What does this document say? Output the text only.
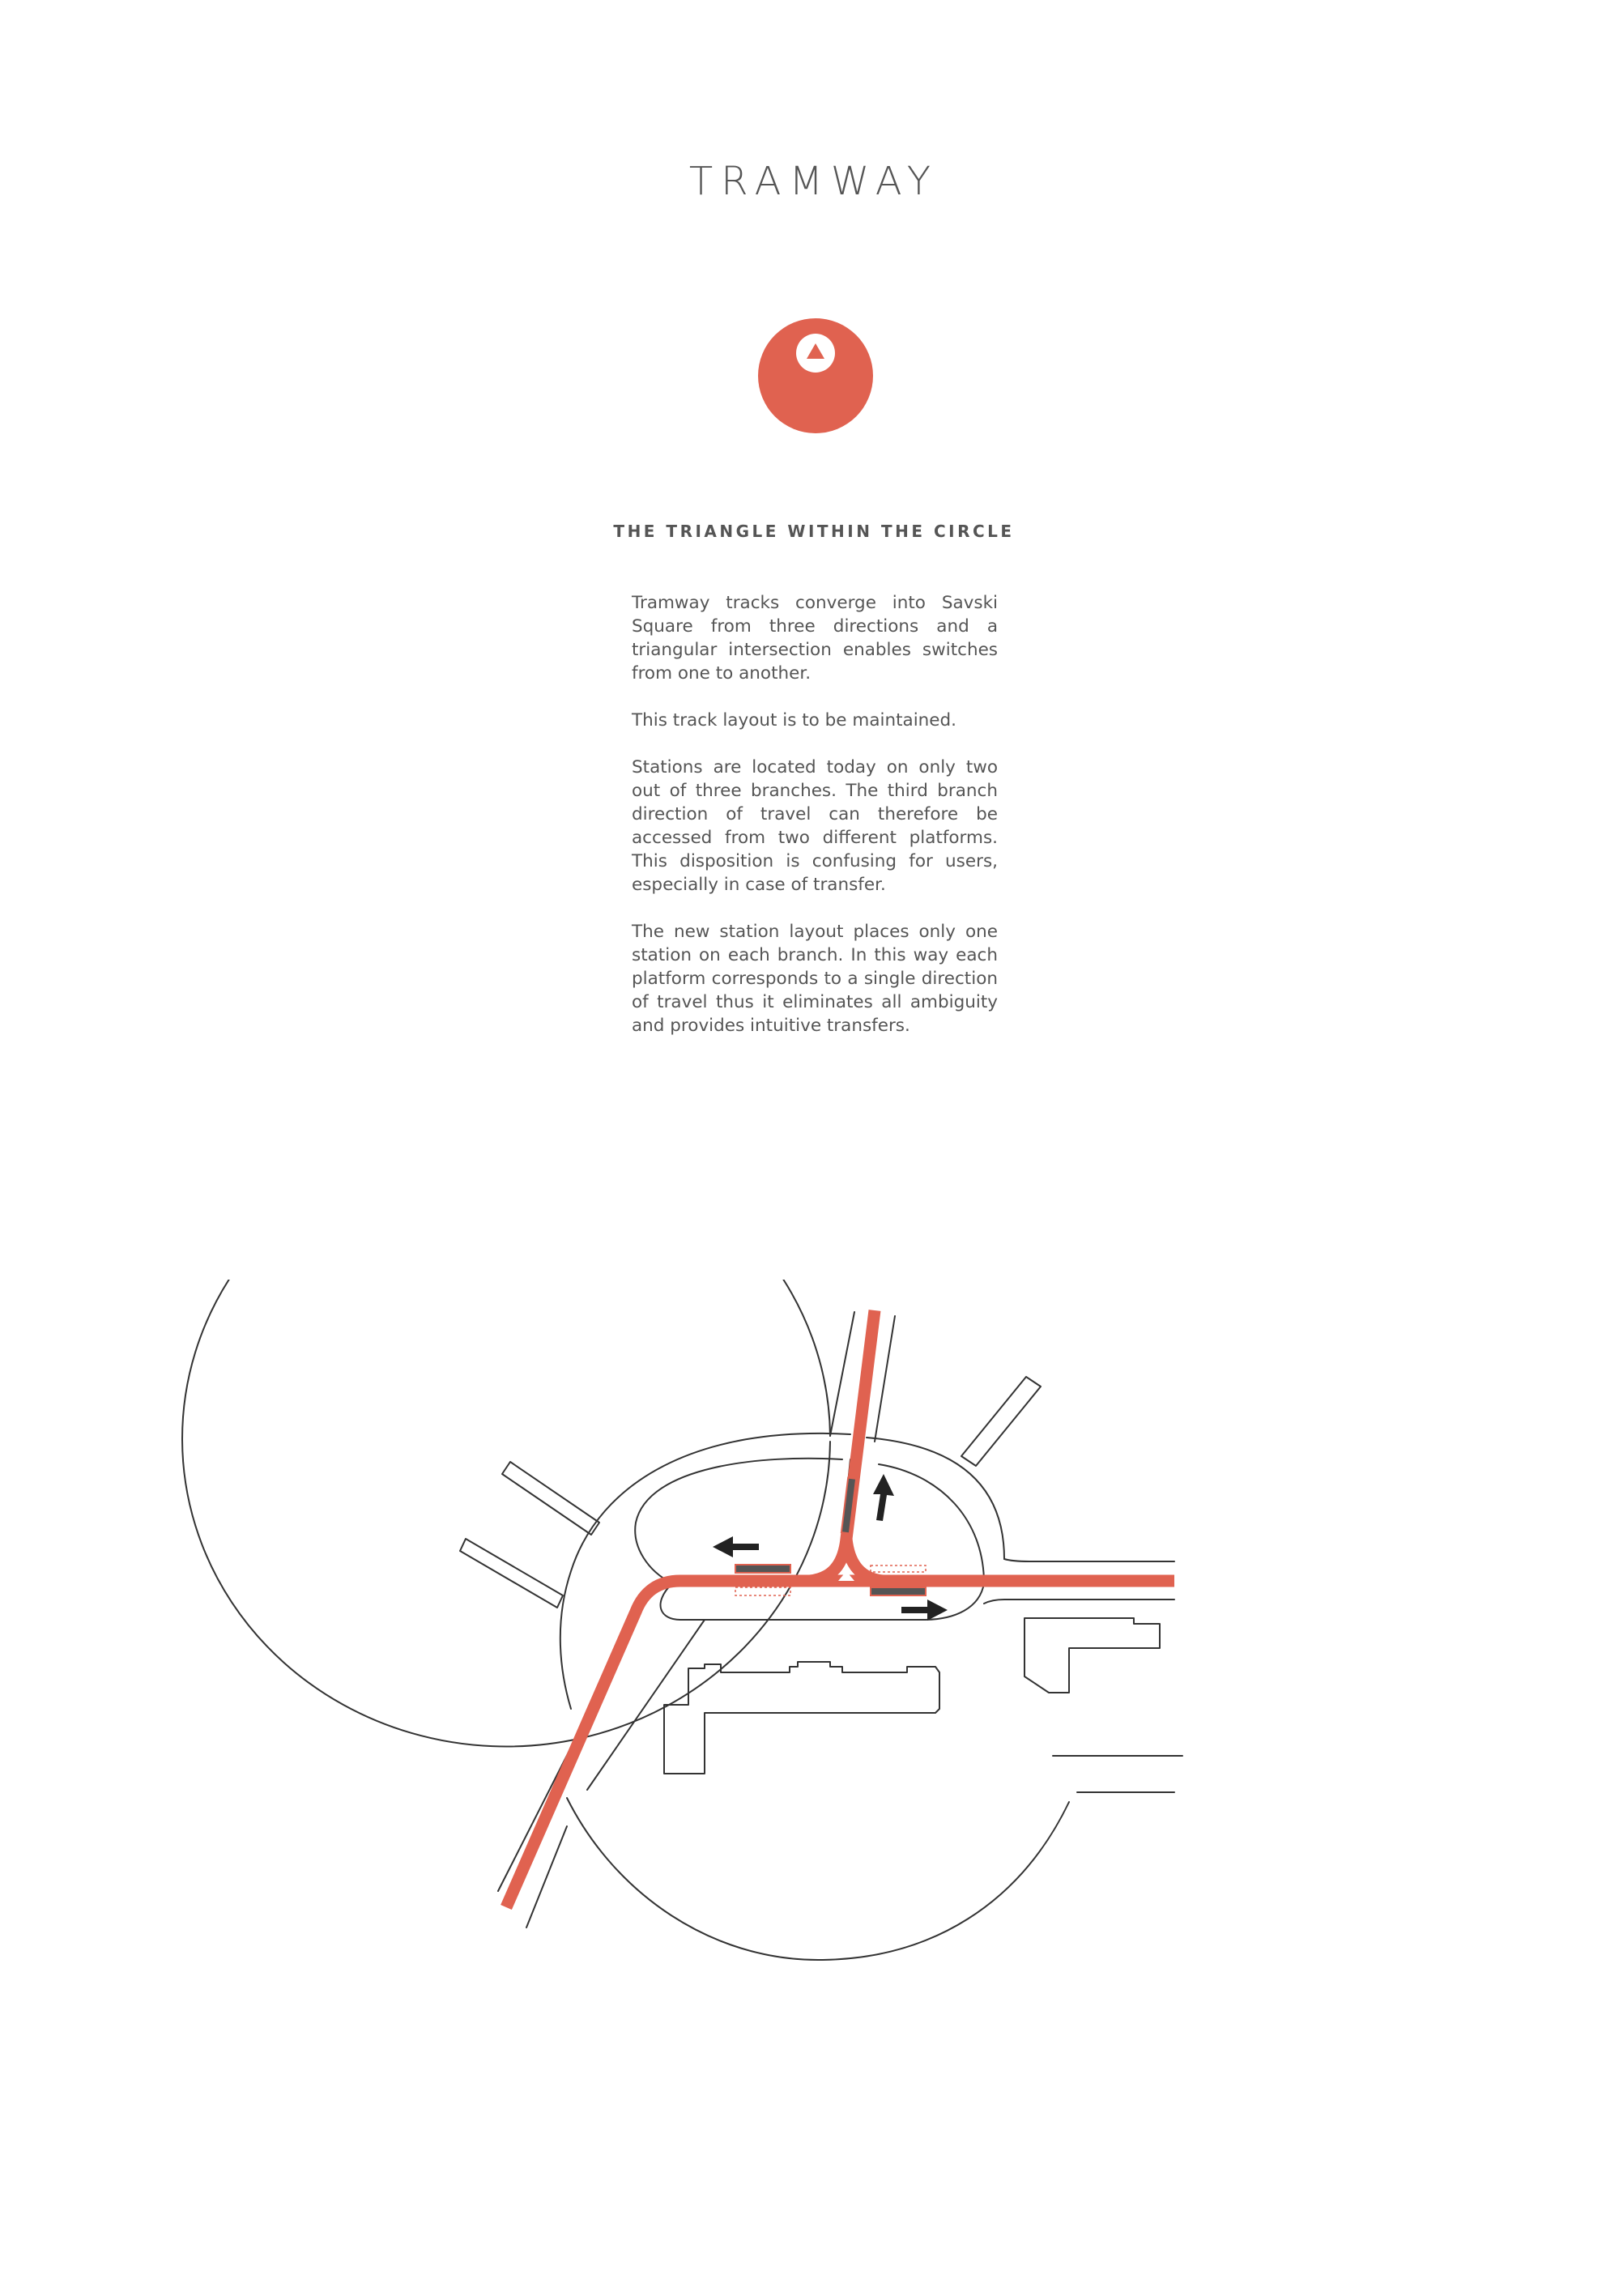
TRAMWAY
THE TRIANGLE WITHIN THE CIRCLE

Tramway tracks converge into Savski Square from three directions and a triangular intersection enables switches from one to another.

This track layout is to be maintained.

Stations are located today on only two out of three branches. The third branch direction of travel can therefore be accessed from two different platforms. This disposition is confusing for users, especially in case of transfer.

The new station layout places only one station on each branch. In this way each platform corresponds to a single direction of travel thus it eliminates all ambiguity and provides intuitive transfers.
